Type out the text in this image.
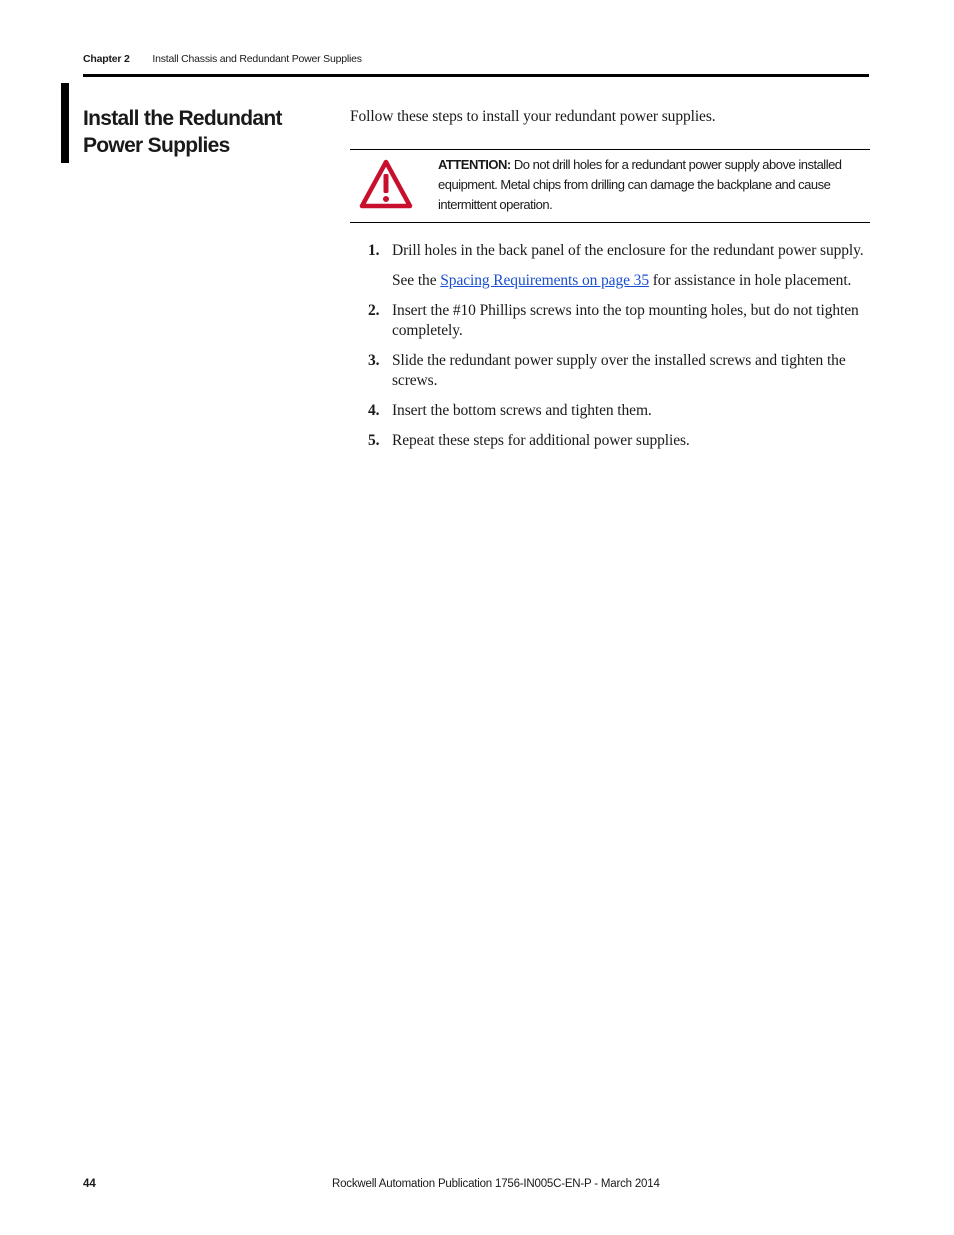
Chapter 2 Install Chassis and Redundant Power Supplies
Install the Redundant Power Supplies
Follow these steps to install your redundant power supplies.
ATTENTION: Do not drill holes for a redundant power supply above installed equipment. Metal chips from drilling can damage the backplane and cause intermittent operation.
1. Drill holes in the back panel of the enclosure for the redundant power supply.
See the Spacing Requirements on page 35 for assistance in hole placement.
2. Insert the #10 Phillips screws into the top mounting holes, but do not tighten completely.
3. Slide the redundant power supply over the installed screws and tighten the screws.
4. Insert the bottom screws and tighten them.
5. Repeat these steps for additional power supplies.
44	Rockwell Automation Publication 1756-IN005C-EN-P - March 2014
